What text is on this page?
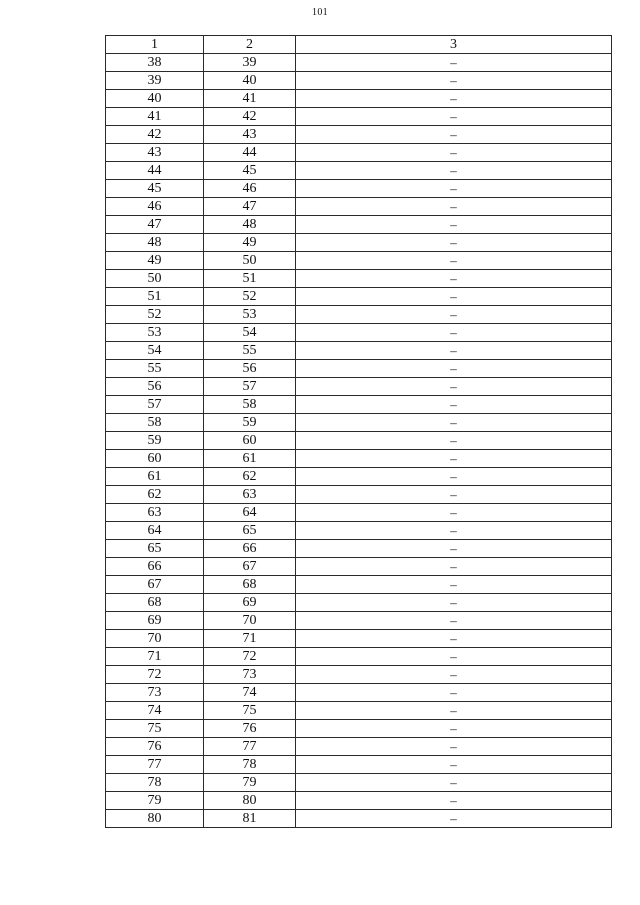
101
1	2	3
38	39	–
39	40	–
40	41	–
41	42	–
42	43	–
43	44	–
44	45	–
45	46	–
46	47	–
47	48	–
48	49	–
49	50	–
50	51	–
51	52	–
52	53	–
53	54	–
54	55	–
55	56	–
56	57	–
57	58	–
58	59	–
59	60	–
60	61	–
61	62	–
62	63	–
63	64	–
64	65	–
65	66	–
66	67	–
67	68	–
68	69	–
69	70	–
70	71	–
71	72	–
72	73	–
73	74	–
74	75	–
75	76	–
76	77	–
77	78	–
78	79	–
79	80	–
80	81	–
